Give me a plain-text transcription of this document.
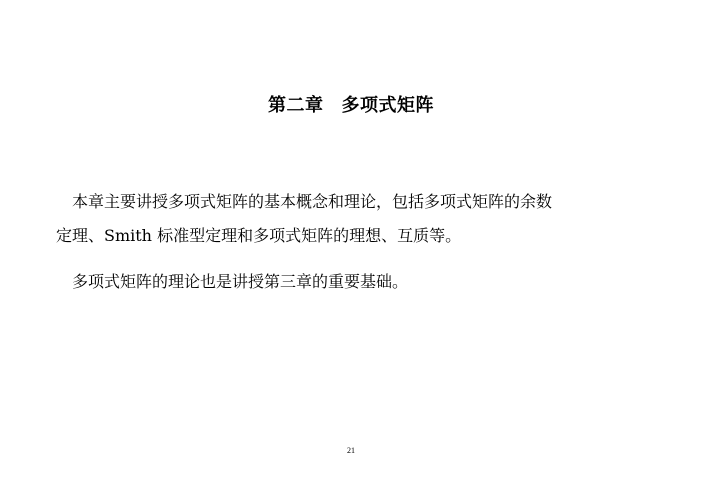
第二章 多项式矩阵
本章主要讲授多项式矩阵的基本概念和理论，包括多项式矩阵的余数
定理、Smith 标准型定理和多项式矩阵的理想、互质等。
多项式矩阵的理论也是讲授第三章的重要基础。
21
